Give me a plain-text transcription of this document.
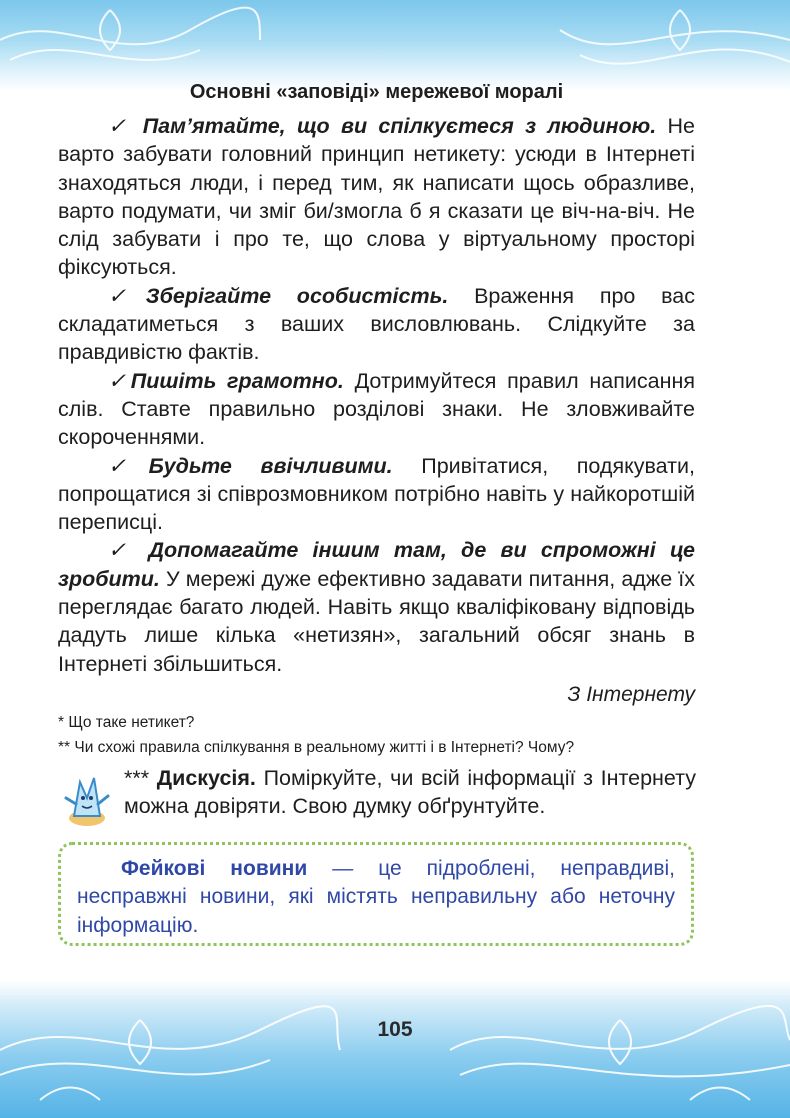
Основні «заповіді» мережевої моралі

✓ Пам’ятайте, що ви спілкуєтеся з людиною. Не варто забувати головний принцип нетикету: усюди в Інтернеті знаходяться люди, і перед тим, як написати щось образливе, варто подумати, чи зміг би/змогла б я сказати це віч-на-віч. Не слід забувати і про те, що слова у віртуальному просторі фіксуються.

✓Зберігайте особистість. Враження про вас складатиметься з ваших висловлювань. Слідкуйте за правдивістю фактів.

✓Пишіть грамотно. Дотримуйтеся правил написання слів. Ставте правильно розділові знаки. Не зловживайте скороченнями.

✓Будьте ввічливими. Привітатися, подякувати, попрощатися зі співрозмовником потрібно навіть у найкоротшій переписці.

✓ Допомагайте іншим там, де ви спроможні це зробити. У мережі дуже ефективно задавати питання, адже їх переглядає багато людей. Навіть якщо кваліфіковану відповідь дадуть лише кілька «нетизян», загальний обсяг знань в Інтернеті збільшиться.

З Інтернету

* Що таке нетикет?

** Чи схожі правила спілкування в реальному житті і в Інтернеті? Чому?

*** Дискусія. Поміркуйте, чи всій інформації з Інтернету можна довіряти. Свою думку обґрунтуйте.
Фейкові новини — це підроблені, неправдиві, несправжні новини, які містять неправильну або неточну інформацію.
105
